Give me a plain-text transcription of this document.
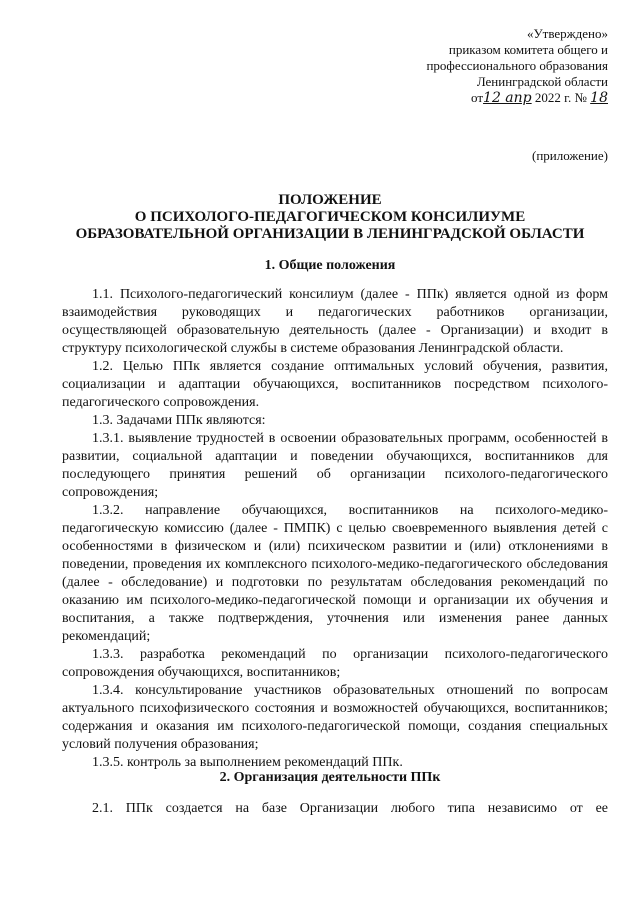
«Утверждено»
приказом комитета общего и
профессионального образования
Ленинградской области
от12 апр 2022 г. № 18
(приложение)
ПОЛОЖЕНИЕ
О ПСИХОЛОГО-ПЕДАГОГИЧЕСКОМ КОНСИЛИУМЕ
ОБРАЗОВАТЕЛЬНОЙ ОРГАНИЗАЦИИ В ЛЕНИНГРАДСКОЙ ОБЛАСТИ
1. Общие положения

1.1. Психолого-педагогический консилиум (далее - ППк) является одной из форм взаимодействия руководящих и педагогических работников организации, осуществляющей образовательную деятельность (далее - Организации) и входит в структуру психологической службы в системе образования Ленинградской области.

1.2. Целью ППк является создание оптимальных условий обучения, развития, социализации и адаптации обучающихся, воспитанников посредством психолого-педагогического сопровождения.

1.3. Задачами ППк являются:

1.3.1. выявление трудностей в освоении образовательных программ, особенностей в развитии, социальной адаптации и поведении обучающихся, воспитанников для последующего принятия решений об организации психолого-педагогического сопровождения;

1.3.2. направление обучающихся, воспитанников на психолого-медико-педагогическую комиссию (далее - ПМПК) с целью своевременного выявления детей с особенностями в физическом и (или) психическом развитии и (или) отклонениями в поведении, проведения их комплексного психолого-медико-педагогического обследования (далее - обследование) и подготовки по результатам обследования рекомендаций по оказанию им психолого-медико-педагогической помощи и организации их обучения и воспитания, а также подтверждения, уточнения или изменения ранее данных рекомендаций;

1.3.3. разработка рекомендаций по организации психолого-педагогического сопровождения обучающихся, воспитанников;

1.3.4. консультирование участников образовательных отношений по вопросам актуального психофизического состояния и возможностей обучающихся, воспитанников; содержания и оказания им психолого-педагогической помощи, создания специальных условий получения образования;

1.3.5. контроль за выполнением рекомендаций ППк.

2. Организация деятельности ППк
2.1. ППк создается на базе Организации любого типа независимо от ее
